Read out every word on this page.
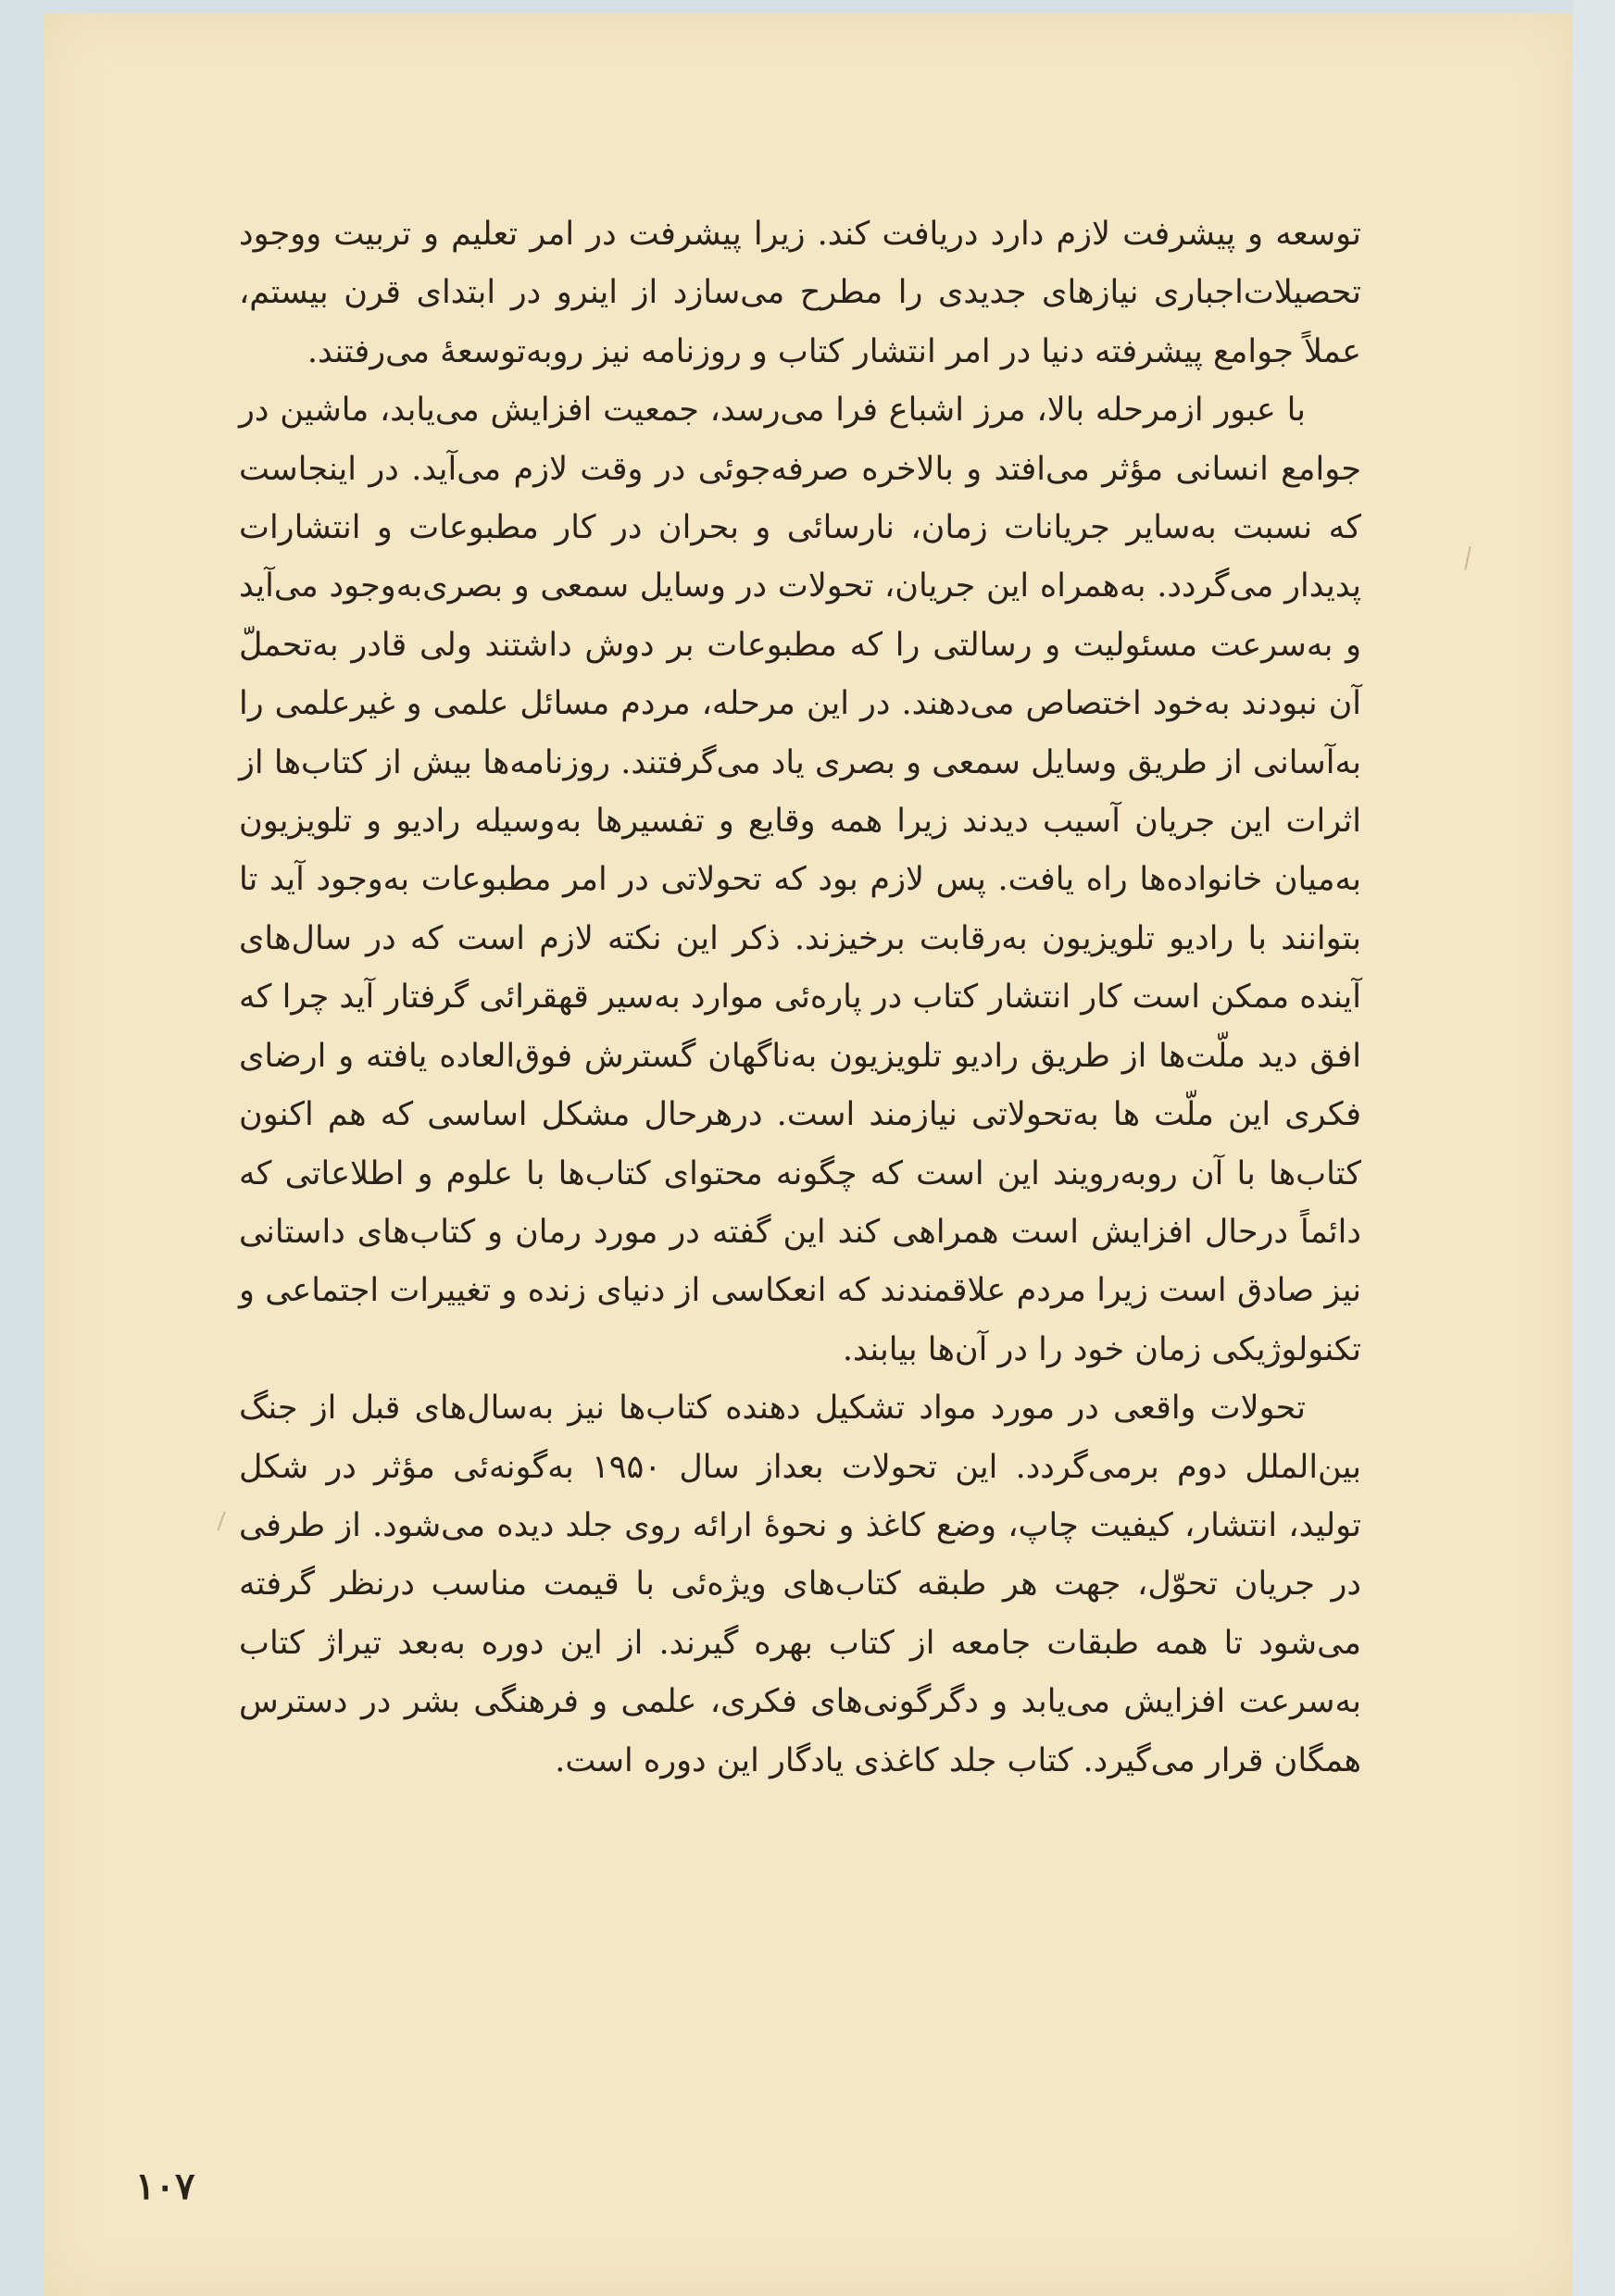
توسعه و پیشرفت لازم دارد دریافت کند. زیرا پیشرفت در امر تعلیم و تربیت ووجود تحصیلات‌اجباری نیازهای جدیدی را مطرح می‌سازد از اینرو در ابتدای قرن بیستم، عملاً جوامع پیشرفته دنیا در امر انتشار کتاب و روزنامه نیز روبه‌توسعهٔ می‌رفتند.

با عبور ازمرحله بالا، مرز اشباع فرا می‌رسد، جمعیت افزایش می‌یابد، ماشین در جوامع انسانی مؤثر می‌افتد و بالاخره صرفه‌جوئی در وقت لازم می‌آید. در اینجاست که نسبت به‌سایر جریانات زمان، نارسائی و بحران در کار مطبوعات و انتشارات پدیدار می‌گردد. به‌همراه این جریان، تحولات در وسایل سمعی و بصری‌به‌وجود می‌آید و به‌سرعت مسئولیت و رسالتی را که مطبوعات بر دوش داشتند ولی قادر به‌تحملّ آن نبودند به‌خود اختصاص می‌دهند. در این مرحله، مردم مسائل علمی و غیرعلمی را به‌آسانی از طریق وسایل سمعی و بصری یاد می‌گرفتند. روزنامه‌ها بیش از کتاب‌ها از اثرات این جریان آسیب دیدند زیرا همه وقایع و تفسیرها به‌وسیله رادیو و تلویزیون به‌میان خانواده‌ها راه یافت. پس لازم بود که تحولاتی در امر مطبوعات به‌وجود آید تا بتوانند با رادیو تلویزیون به‌رقابت برخیزند. ذکر این نکته لازم است که در سال‌های آینده ممکن است کار انتشار کتاب در پاره‌ئی موارد به‌سیر قهقرائی گرفتار آید چرا که افق دید ملّت‌ها از طریق رادیو تلویزیون به‌ناگهان گسترش فوق‌العاده یافته و ارضای فکری این ملّت ها به‌تحولاتی نیازمند است. درهرحال مشکل اساسی که هم اکنون کتاب‌ها با آن روبه‌رویند این است که چگونه محتوای کتاب‌ها با علوم و اطلاعاتی که دائماً درحال افزایش است همراهی کند این گفته در مورد رمان و کتاب‌های داستانی نیز صادق است زیرا مردم علاقمندند که انعکاسی از دنیای زنده و تغییرات اجتماعی و تکنولوژیکی زمان خود را در آن‌ها بیابند.

تحولات واقعی در مورد مواد تشکیل دهنده کتاب‌ها نیز به‌سال‌های قبل از جنگ بین‌الملل دوم برمی‌گردد. این تحولات بعداز سال ۱۹۵۰ به‌گونه‌ئی مؤثر در شکل تولید، انتشار، کیفیت چاپ، وضع کاغذ و نحوهٔ ارائه روی جلد دیده می‌شود. از طرفی در جریان تحوّل، جهت هر طبقه کتاب‌های ویژه‌ئی با قیمت مناسب درنظر گرفته می‌شود تا همه طبقات جامعه از کتاب بهره گیرند. از این دوره به‌بعد تیراژ کتاب به‌سرعت افزایش می‌یابد و دگرگونی‌های فکری، علمی و فرهنگی بشر در دسترس همگان قرار می‌گیرد. کتاب جلد کاغذی یادگار این دوره است.

۱۰۷
